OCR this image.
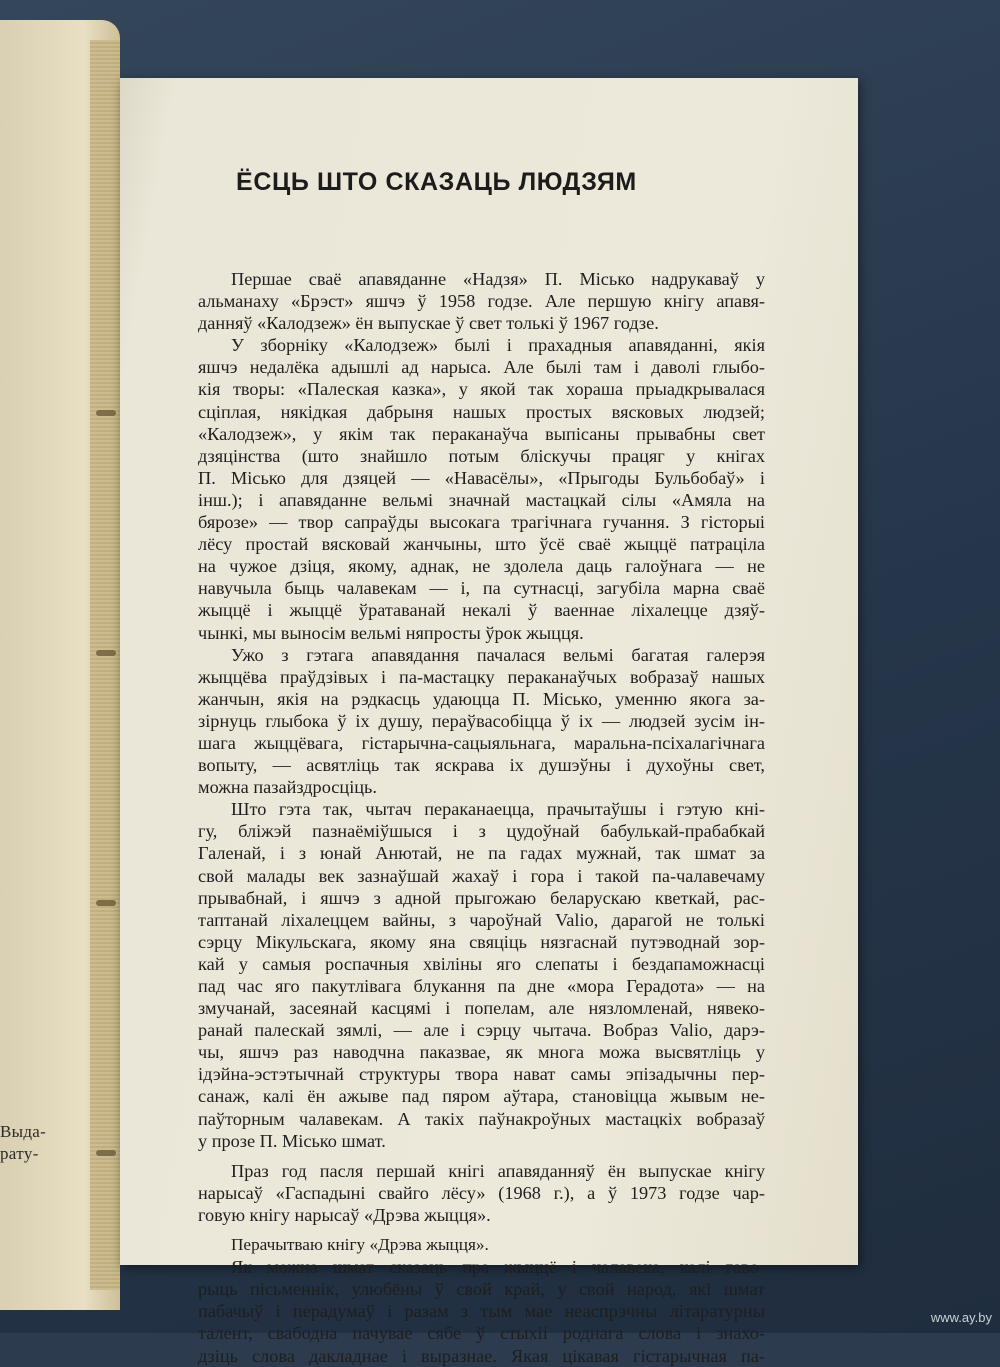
Выда-
ратy-
ЁСЦЬ ШТО СКАЗАЦЬ ЛЮДЗЯМ
Першае сваё апавяданне «Надзя» П. Місько надрукаваў у
альманаху «Брэст» яшчэ ў 1958 годзе. Але першую кнігу апавя-
данняў «Калодзеж» ён выпускае ў свет толькі ў 1967 годзе.
У зборніку «Калодзеж» былі і прахадныя апавяданні, якія
яшчэ недалёка адышлі ад нарыса. Але былі там і даволі глыбо-
кія творы: «Палеская казка», у якой так хораша прыадкрывалася
сціплая, някідкая дабрыня нашых простых вясковых людзей;
«Калодзеж», у якім так пераканаўча выпісаны прывабны свет
дзяцінства (што знайшло потым бліскучы працяг у кнігах
П. Місько для дзяцей — «Навасёлы», «Прыгоды Бульбобаў» і
інш.); і апавяданне вельмі значнай мастацкай сілы «Амяла на
бярозе» — твор сапраўды высокага трагічнага гучання. З гісторыі
лёсу простай вясковай жанчыны, што ўсё сваё жыццё патраціла
на чужое дзіця, якому, аднак, не здолела даць галоўнага — не
навучыла быць чалавекам — і, па сутнасці, загубіла марна сваё
жыццё і жыццё ўратаванай некалі ў ваеннае ліхалецце дзяў-
чынкі, мы выносім вельмі няпросты ўрок жыцця.
Ужо з гэтага апавядання пачалася вельмі багатая галерэя
жыццёва праўдзівых і па-мастацку пераканаўчых вобразаў нашых
жанчын, якія на рэдкасць удаюцца П. Місько, уменню якога за-
зірнуць глыбока ў іх душу, пераўвасобіцца ў іх — людзей зусім ін-
шага жыццёвага, гістарычна-сацыяльнага, маральна-псіхалагічнага
вопыту, — асвятліць так яскрава іх душэўны і духоўны свет,
можна пазайздросціць.
Што гэта так, чытач пераканаецца, прачытаўшы і гэтую кні-
гу, бліжэй пазнаёміўшыся і з цудоўнай бабулькай-прабабкай
Галенай, і з юнай Анютай, не па гадах мужнай, так шмат за
свой малады век зазнаўшай жахаў і гора і такой па-чалавечаму
прывабнай, і яшчэ з адной прыгожаю беларускаю кветкай, рас-
таптанай ліхалеццем вайны, з чароўнай Valio, дарагой не толькі
сэрцу Мікульскага, якому яна свяціць нязгаснай путэводнай зор-
кай у самыя роспачныя хвіліны яго слепаты і бездапаможнасці
пад час яго пакутлівага блукання па дне «мора Герадота» — на
змучанай, засеянай касцямі і попелам, але нязломленай, нявеко-
ранай палескай зямлі, — але і сэрцу чытача. Вобраз Valio, дарэ-
чы, яшчэ раз наводчна паказвае, як многа можа высвятліць у
ідэйна-эстэтычнай структуры твора нават самы эпізадычны пер-
санаж, калі ён ажыве пад пяром аўтара, становіцца жывым не-
паўторным чалавекам. А такіх паўнакроўных мастацкіх вобразаў
у прозе П. Місько шмат.
Праз год пасля першай кнігі апавяданняў ён выпускае кнігу
нарысаў «Гаспадыні свайго лёсу» (1968 г.), а ў 1973 годзе чар-
говую кнігу нарысаў «Дрэва жыцця».
Перачытваю кнігу «Дрэва жыцця».
Як можна шмат сказаць пра жыццё і чалавека, калі гаво-
рыць пісьменнік, улюбёны ў свой край, у свой народ, які шмат
пабачыў і перадумаў і разам з тым мае неаспрэчны літаратурны
талент, свабодна пачувае сябе ў стыхіі роднага слова і знахо-
дзіць слова дакладнае і выразнае. Якая цікавая гістарычная па-
www.ay.by
